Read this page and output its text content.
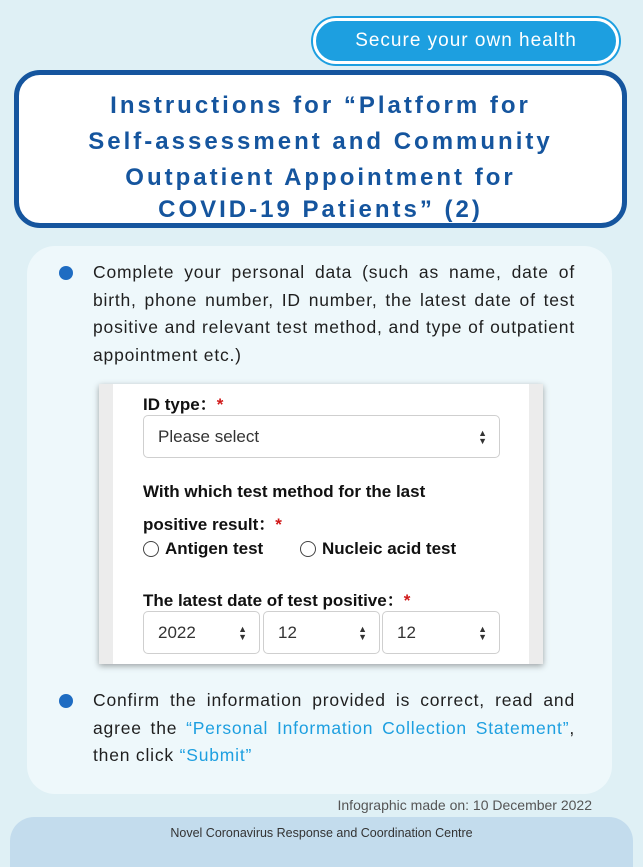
Secure your own health
Instructions for “Platform for
Self-assessment and Community
Outpatient Appointment for
COVID-19 Patients” (2)
Complete your personal data (such as name, date of birth, phone number, ID number, the latest date of test positive and relevant test method, and type of outpatient appointment etc.)
ID type：*
Please select	▲
▼
With which test method for the last
positive result：*
Antigen test	Nucleic acid test
The latest date of test positive：*
2022	▲
▼ 12	▲
▼ 12	▲
▼
Confirm the information provided is correct, read and agree the “Personal Information Collection Statement”, then click “Submit”
Infographic made on: 10 December 2022
Novel Coronavirus Response and Coordination Centre
